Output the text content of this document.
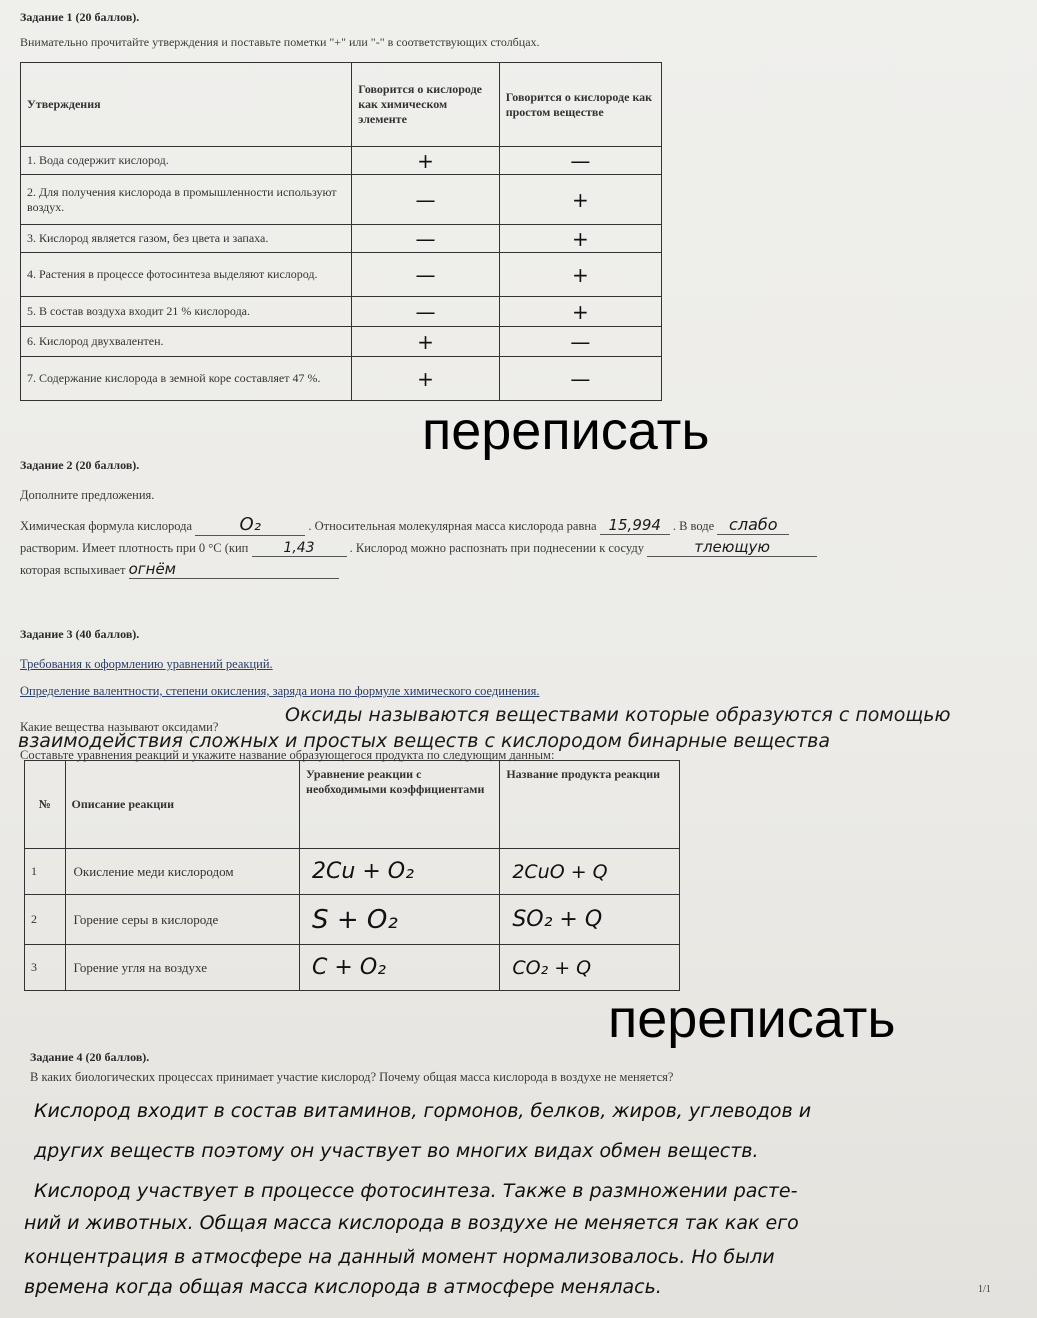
Задание 1 (20 баллов).
Внимательно прочитайте утверждения и поставьте пометки "+" или "-" в соответствующих столбцах.
Утверждения	Говорится о кислороде как химическом элементе	Говорится о кислороде как простом веществе
1. Вода содержит кислород.	+	—
2. Для получения кислорода в промышленности используют воздух.	—	+
3. Кислород является газом, без цвета и запаха.	—	+
4. Растения в процессе фотосинтеза выделяют кислород.	—	+
5. В состав воздуха входит 21 % кислорода.	—	+
6. Кислород двухвалентен.	+	—
7. Содержание кислорода в земной коре составляет 47 %.	+	—
переписать
Задание 2 (20 баллов).
Дополните предложения.
Химическая формула кислорода	O₂	. Относительная молекулярная масса кислорода равна 15,994 . В воде слабо
растворим. Имеет плотность при 0 °С (кип	1,43	. Кислород можно распознать при поднесении к сосуду	тлеющую
которая вспыхивает огнём
Задание 3 (40 баллов).
Требования к оформлению уравнений реакций.
Определение валентности, степени окисления, заряда иона по формуле химического соединения.
Какие вещества называют оксидами?
Оксиды называются веществами которые образуются с помощью
взаимодействия сложных и простых веществ с кислородом бинарные вещества
Составьте уравнения реакций и укажите название образующегося продукта по следующим данным:
№	Описание реакции	Уравнение реакции с необходимыми коэффициентами	Название продукта реакции
1	Окисление меди кислородом	2Cu + O₂	2CuO + Q
2	Горение серы в кислороде	S + O₂	SO₂ + Q
3	Горение угля на воздухе	C + O₂	CO₂ + Q
переписать
Задание 4 (20 баллов).
В каких биологических процессах принимает участие кислород? Почему общая масса кислорода в воздухе не меняется?
Кислород входит в состав витаминов, гормонов, белков, жиров, углеводов и
других веществ поэтому он участвует во многих видах обмен веществ.
Кислород участвует в процессе фотосинтеза. Также в размножении расте-
ний и животных. Общая масса кислорода в воздухе не меняется так как его
концентрация в атмосфере на данный момент нормализовалось. Но были
времена когда общая масса кислорода в атмосфере менялась.	1/1
